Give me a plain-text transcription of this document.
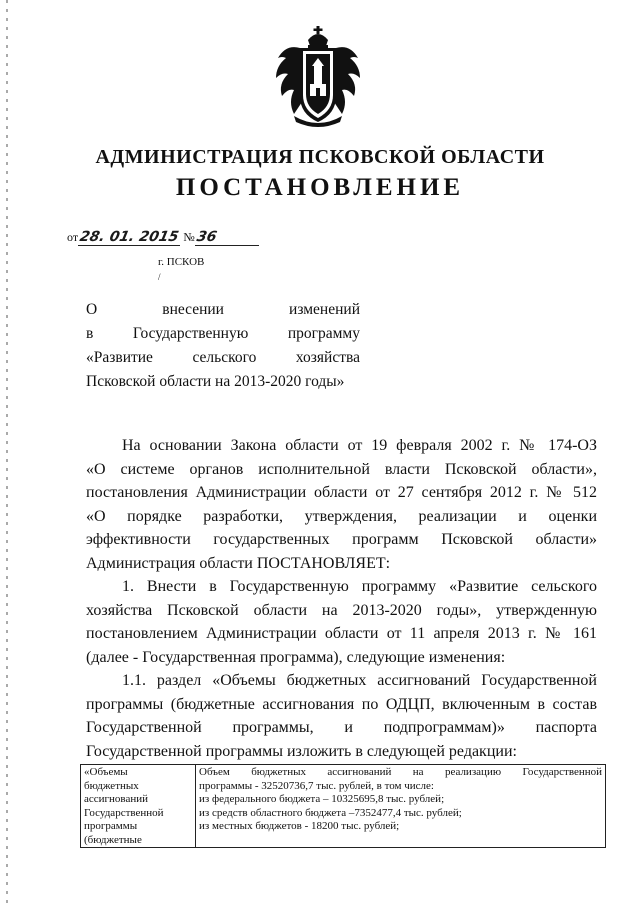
АДМИНИСТРАЦИЯ ПСКОВСКОЙ ОБЛАСТИ
ПОСТАНОВЛЕНИЕ
от28. 01. 2015 №36
г. ПСКОВ
/
О	внесении	изменений
в	Государственную	программу
«Развитие	сельского	хозяйства
Псковской области на 2013-2020 годы»

На основании Закона области от 19 февраля 2002 г. № 174-ОЗ

«О системе органов исполнительной власти Псковской области»,

постановления Администрации области от 27 сентября 2012 г. № 512

«О порядке разработки, утверждения, реализации и оценки

эффективности государственных программ Псковской области»

Администрация области ПОСТАНОВЛЯЕТ:

1. Внести в Государственную программу «Развитие сельского

хозяйства Псковской области на 2013-2020 годы», утвержденную

постановлением Администрации области от 11 апреля 2013 г. № 161

(далее - Государственная программа), следующие изменения:

1.1. раздел «Объемы бюджетных ассигнований Государственной

программы (бюджетные ассигнования по ОДЦП, включенным в состав

Государственной программы, и подпрограммам)» паспорта

Государственной программы изложить в следующей редакции:

«Объемы
бюджетных
ассигнований
Государственной
программы
(бюджетные

Объем бюджетных ассигнований на реализацию Государственной
программы - 32520736,7 тыс. рублей, в том числе:
из федерального бюджета – 10325695,8 тыс. рублей;
из средств областного бюджета –7352477,4 тыс. рублей;
из местных бюджетов - 18200 тыс. рублей;
